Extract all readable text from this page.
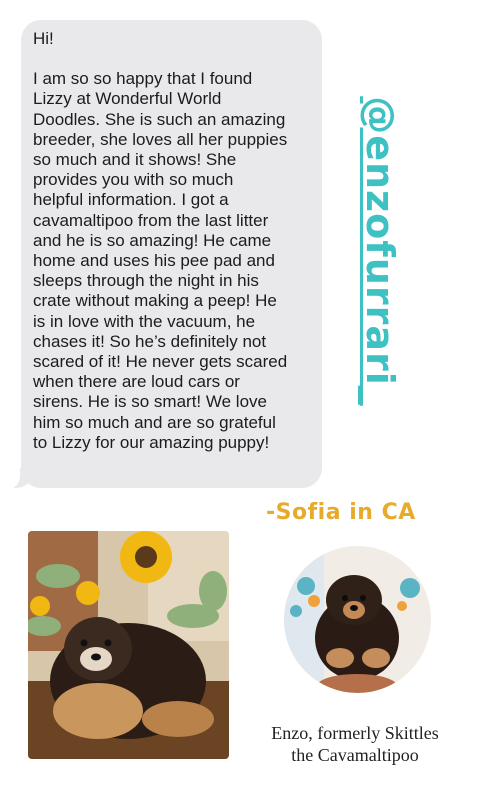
Hi!

I am so so happy that I found
Lizzy at Wonderful World
Doodles. She is such an amazing
breeder, she loves all her puppies
so much and it shows! She
provides you with so much
helpful information. I got a
cavamaltipoo from the last litter
and he is so amazing! He came
home and uses his pee pad and
sleeps through the night in his
crate without making a peep! He
is in love with the vacuum, he
chases it! So he’s definitely not
scared of it! He never gets scared
when there are loud cars or
sirens. He is so smart! We love
him so much and are so grateful
to Lizzy for our amazing puppy!

@enzofurrari_
-Sofia in CA
Enzo, formerly Skittles
the Cavamaltipoo
